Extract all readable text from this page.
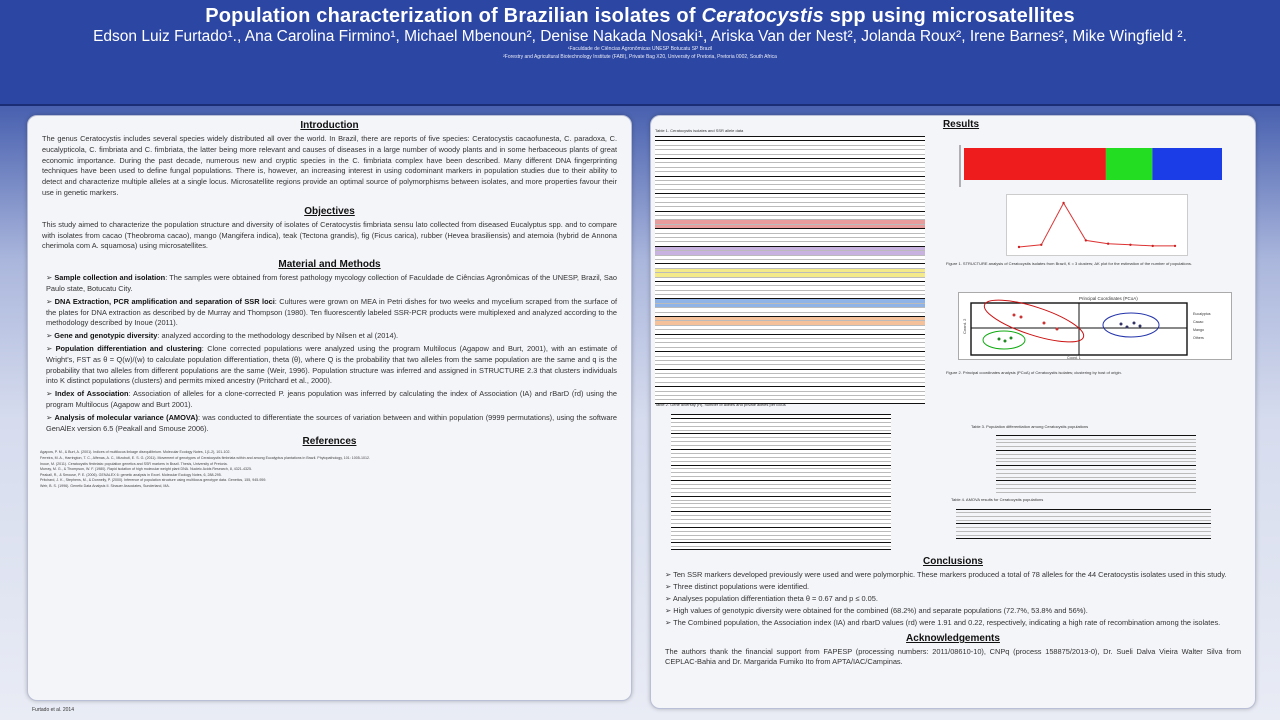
Population characterization of Brazilian isolates of Ceratocystis spp using microsatellites
Edson Luiz Furtado¹., Ana Carolina Firmino¹, Michael Mbenoun², Denise Nakada Nosaki¹, Ariska Van der Nest², Jolanda Roux², Irene Barnes², Mike Wingfield ².
¹Faculdade de Ciências Agronômicas UNESP Botucatu SP Brazil
²Forestry and Agricultural Biotechnology Institute (FABI), Private Bag X20, University of Pretoria, Pretoria 0002, South Africa
Introduction
The genus Ceratocystis includes several species widely distributed all over the world. In Brazil, there are reports of five species: Ceratocystis cacaofunesta, C. paradoxa, C. eucalypticola, C. fimbriata and C. fimbriata, the latter being more relevant and causes of diseases in a large number of woody plants and in some herbaceous plants of great economic importance. During the past decade, numerous new and cryptic species in the C. fimbriata complex have been described. Many different DNA fingerprinting techniques have been used to define fungal populations. There is, however, an increasing interest in using codominant markers in population studies due to their ability to detect and characterize multiple alleles at a single locus. Microsatellite regions provide an optimal source of polymorphisms between isolates, and more properties favour their use in genetic markers.
Objectives
This study aimed to characterize the population structure and diversity of isolates of Ceratocystis fimbriata sensu lato collected from diseased Eucalyptus spp. and to compare with isolates from cacao (Theobroma cacao), mango (Mangifera indica), teak (Tectona grandis), fig (Ficus carica), rubber (Hevea brasiliensis) and atemoia (hybrid de Annona cherimola com A. squamosa) using microsatellites.
Material and Methods
➢ Sample collection and isolation: The samples were obtained from forest pathology mycology collection of Faculdade de Ciências Agronômicas of the UNESP, Brazil, Sao Paulo state, Botucatu City.
➢ DNA Extraction, PCR amplification and separation of SSR loci: Cultures were grown on MEA in Petri dishes for two weeks and mycelium scraped from the surface of the plates for DNA extraction as described by de Murray and Thompson (1980). Ten fluorescently labeled SSR-PCR products were multiplexed and analyzed according to the methodology described by Inoue (2011).
➢ Gene and genotypic diversity: analyzed according to the methodology described by Nilsen et al (2014).
➢ Population differentiation and clustering: Clone corrected populations were analyzed using the program Multilocus (Agapow and Burt, 2001), with an estimate of Wright's, FST as θ = Q(w)/(w) to calculate population differentiation, theta (θ), where Q is the probability that two alleles from the same population are the same and q is the probability that two alleles from different populations are the same (Weir, 1996). Population structure was inferred and assigned in STRUCTURE 2.3 that clusters individuals into K distinct populations (clusters) and permits mixed ancestry (Pritchard et al., 2000).
➢ Index of Association: Association of alleles for a clone-corrected P. jeans population was inferred by calculating the index of Association (IA) and rBarD (r̄d) using the program Multilocus (Agapow and Burt 2001).
➢ Analysis of molecular variance (AMOVA): was conducted to differentiate the sources of variation between and within population (9999 permutations), using the software GenAlEx version 6.5 (Peakall and Smouse 2006).
References
Agapow, P. M., & Burt, A. (2001). Indices of multilocus linkage disequilibrium. Molecular Ecology Notes, 1(1-2), 101-102.
Ferreira, M. A., Harrington, T. C., Alfenas, A. C., Mizubuti, E. S. G. (2011). Movement of genotypes of Ceratocystis fimbriata within and among Eucalyptus plantations in Brazil. Phytopathology, 101: 1005-1012.
Inoue, M. (2011). Ceratocystis fimbriata: population genetics and SSR markers in Brazil. Thesis, University of Pretoria.
Murray, M. G., & Thompson, W. F. (1980). Rapid isolation of high molecular weight plant DNA. Nucleic Acids Research, 8, 4321-4325.
Peakall, R., & Smouse, P. E. (2006). GENALEX 6: genetic analysis in Excel. Molecular Ecology Notes, 6, 288-295.
Pritchard, J. K., Stephens, M., & Donnelly, P. (2000). Inference of population structure using multilocus genotype data. Genetics, 155, 945-959.
Weir, B. S. (1996). Genetic Data Analysis II. Sinauer Associates, Sunderland, MA.
Results
Table 1. Ceratocystis isolates and SSR allele data
Table 2. Gene diversity (H), number of alleles and private alleles per locus
Figure 1. STRUCTURE analysis of Ceratocystis isolates from Brazil, K = 3 clusters; ΔK plot for the estimation of the number of populations.
Principal Coordinates (PCoA)
Coord. 2
Coord. 1
Eucalyptus
Cacao
Mango
Others
Figure 2. Principal coordinates analysis (PCoA) of Ceratocystis isolates; clustering by host of origin.
Table 3. Population differentiation among Ceratocystis populations
Table 4. AMOVA results for Ceratocystis populations
Conclusions
➢ Ten SSR markers developed previously were used and were polymorphic. These markers produced a total of 78 alleles for the 44 Ceratocystis isolates used in this study.
➢ Three distinct populations were identified.
➢ Analyses population differentiation theta θ = 0.67 and p ≤ 0.05.
➢ High values of genotypic diversity were obtained for the combined (68.2%) and separate populations (72.7%, 53.8% and 56%).
➢ The Combined population, the Association index (IA) and rbarD values (rd) were 1.91 and 0.22, respectively, indicating a high rate of recombination among the isolates.
Acknowledgements
The authors thank the financial support from FAPESP (processing numbers: 2011/08610-10), CNPq (process 158875/2013-0), Dr. Sueli Dalva Vieira Walter Silva from CEPLAC-Bahia and Dr. Margarida Fumiko Ito from APTA/IAC/Campinas.
Furtado et al. 2014
